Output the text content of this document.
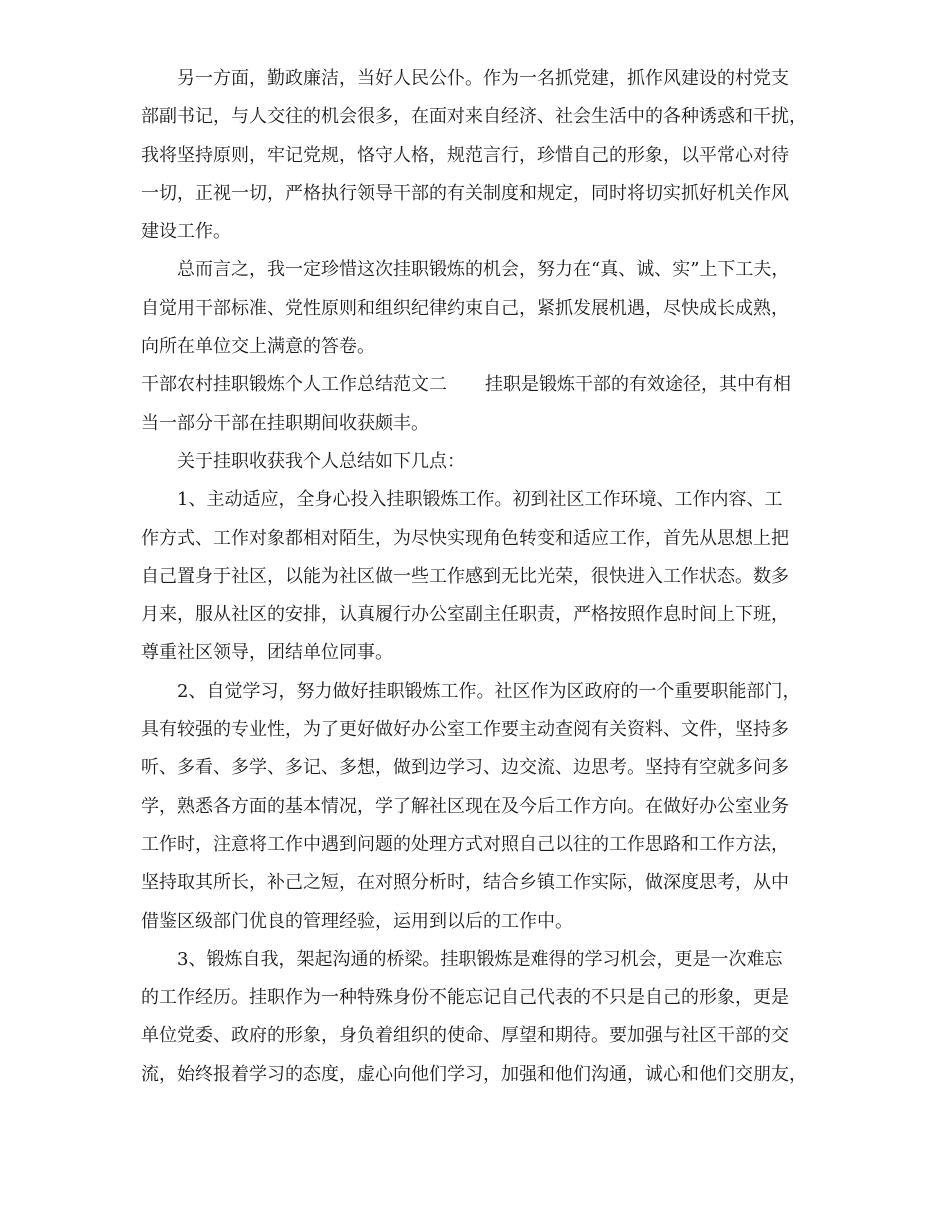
另一方面，勤政廉洁，当好人民公仆。作为一名抓党建，抓作风建设的村党支
部副书记，与人交往的机会很多，在面对来自经济、社会生活中的各种诱惑和干扰，
我将坚持原则，牢记党规，恪守人格，规范言行，珍惜自己的形象，以平常心对待
一切，正视一切，严格执行领导干部的有关制度和规定，同时将切实抓好机关作风
建设工作。
总而言之，我一定珍惜这次挂职锻炼的机会，努力在“真、诚、实”上下工夫，
自觉用干部标准、党性原则和组织纪律约束自己，紧抓发展机遇，尽快成长成熟，
向所在单位交上满意的答卷。
干部农村挂职锻炼个人工作总结范文二 挂职是锻炼干部的有效途径，其中有相
当一部分干部在挂职期间收获颇丰。
关于挂职收获我个人总结如下几点：
1、主动适应，全身心投入挂职锻炼工作。初到社区工作环境、工作内容、工
作方式、工作对象都相对陌生，为尽快实现角色转变和适应工作，首先从思想上把
自己置身于社区，以能为社区做一些工作感到无比光荣，很快进入工作状态。数多
月来，服从社区的安排，认真履行办公室副主任职责，严格按照作息时间上下班，
尊重社区领导，团结单位同事。
2、自觉学习，努力做好挂职锻炼工作。社区作为区政府的一个重要职能部门，
具有较强的专业性，为了更好做好办公室工作要主动查阅有关资料、文件，坚持多
听、多看、多学、多记、多想，做到边学习、边交流、边思考。坚持有空就多问多
学，熟悉各方面的基本情况，学了解社区现在及今后工作方向。在做好办公室业务
工作时，注意将工作中遇到问题的处理方式对照自己以往的工作思路和工作方法，
坚持取其所长，补己之短，在对照分析时，结合乡镇工作实际，做深度思考，从中
借鉴区级部门优良的管理经验，运用到以后的工作中。
3、锻炼自我，架起沟通的桥梁。挂职锻炼是难得的学习机会，更是一次难忘
的工作经历。挂职作为一种特殊身份不能忘记自己代表的不只是自己的形象，更是
单位党委、政府的形象，身负着组织的使命、厚望和期待。要加强与社区干部的交
流，始终报着学习的态度，虚心向他们学习，加强和他们沟通，诚心和他们交朋友，
